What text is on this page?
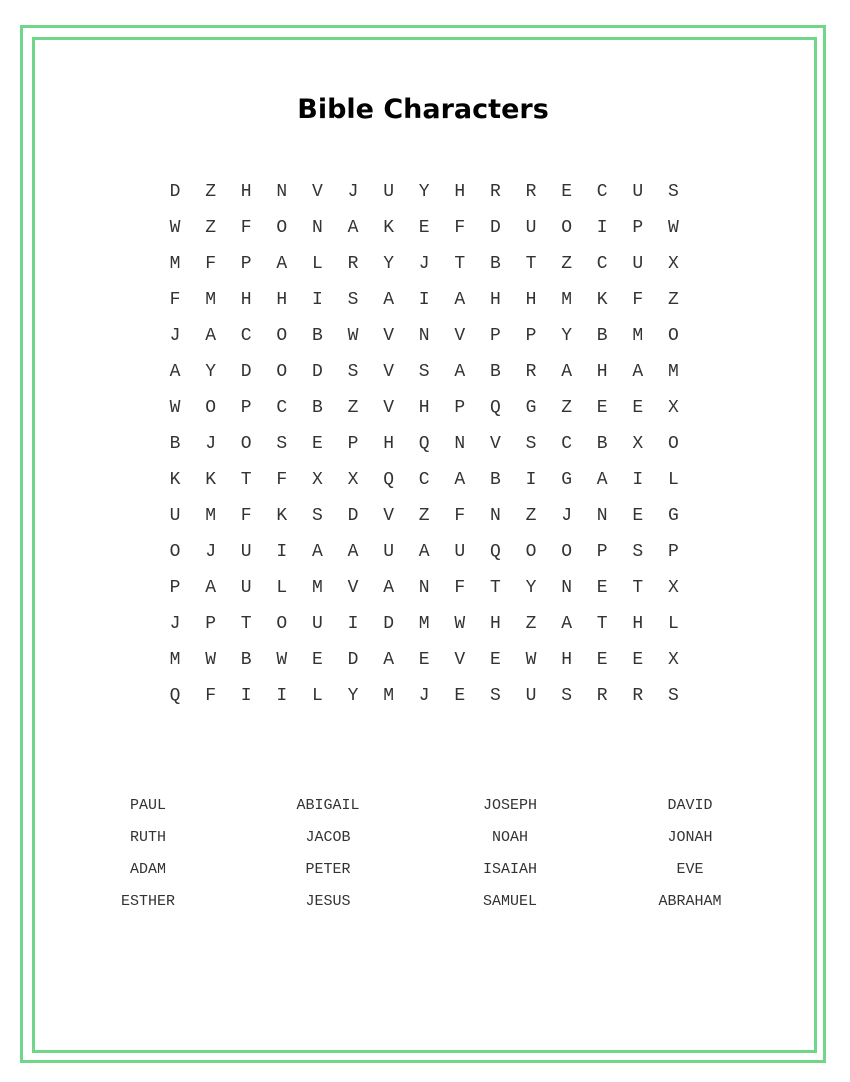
Bible Characters
D	Z	H	N	V	J	U	Y	H	R	R	E	C	U	S
W	Z	F	O	N	A	K	E	F	D	U	O	I	P	W
M	F	P	A	L	R	Y	J	T	B	T	Z	C	U	X
F	M	H	H	I	S	A	I	A	H	H	M	K	F	Z
J	A	C	O	B	W	V	N	V	P	P	Y	B	M	O
A	Y	D	O	D	S	V	S	A	B	R	A	H	A	M
W	O	P	C	B	Z	V	H	P	Q	G	Z	E	E	X
B	J	O	S	E	P	H	Q	N	V	S	C	B	X	O
K	K	T	F	X	X	Q	C	A	B	I	G	A	I	L
U	M	F	K	S	D	V	Z	F	N	Z	J	N	E	G
O	J	U	I	A	A	U	A	U	Q	O	O	P	S	P
P	A	U	L	M	V	A	N	F	T	Y	N	E	T	X
J	P	T	O	U	I	D	M	W	H	Z	A	T	H	L
M	W	B	W	E	D	A	E	V	E	W	H	E	E	X
Q	F	I	I	L	Y	M	J	E	S	U	S	R	R	S
PAUL	ABIGAIL	JOSEPH	DAVID
RUTH	JACOB	NOAH	JONAH
ADAM	PETER	ISAIAH	EVE
ESTHER	JESUS	SAMUEL	ABRAHAM
